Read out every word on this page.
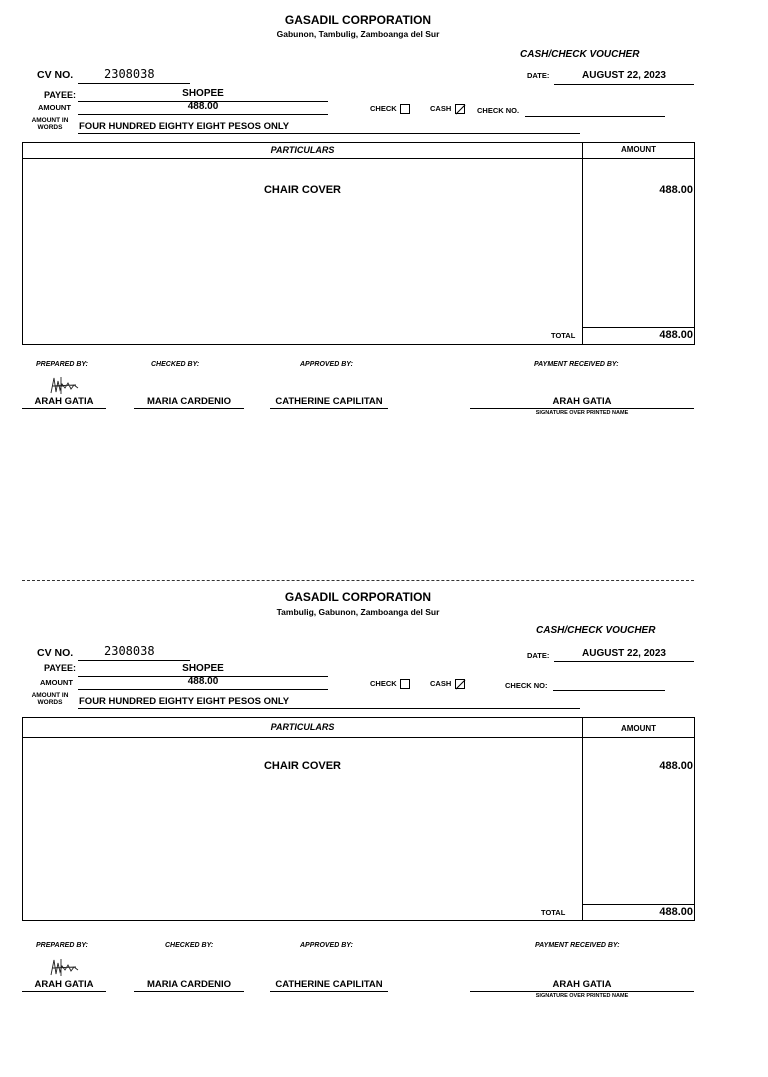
GASADIL CORPORATION
Gabunon, Tambulig, Zamboanga del Sur
CASH/CHECK VOUCHER
CV NO.	2308038	DATE:	AUGUST 22, 2023
PAYEE:	SHOPEE
AMOUNT	488.00	CHECK	CASH	CHECK NO.
AMOUNT IN
WORDS	FOUR HUNDRED EIGHTY EIGHT PESOS ONLY
PARTICULARS	AMOUNT
CHAIR COVER	488.00
TOTAL	488.00
PREPARED BY:	CHECKED BY:	APPROVED BY:	PAYMENT RECEIVED BY:
ARAH GATIA	MARIA CARDENIO	CATHERINE CAPILITAN	ARAH GATIA
SIGNATURE OVER PRINTED NAME
GASADIL CORPORATION
Tambulig, Gabunon, Zamboanga del Sur
CASH/CHECK VOUCHER
CV NO.	2308038	DATE:	AUGUST 22, 2023
PAYEE:	SHOPEE
AMOUNT	488.00	CHECK	CASH	CHECK NO:
AMOUNT IN
WORDS	FOUR HUNDRED EIGHTY EIGHT PESOS ONLY
PARTICULARS	AMOUNT
CHAIR COVER	488.00
TOTAL	488.00
PREPARED BY:	CHECKED BY:	APPROVED BY:	PAYMENT RECEIVED BY:
ARAH GATIA	MARIA CARDENIO	CATHERINE CAPILITAN	ARAH GATIA
SIGNATURE OVER PRINTED NAME
